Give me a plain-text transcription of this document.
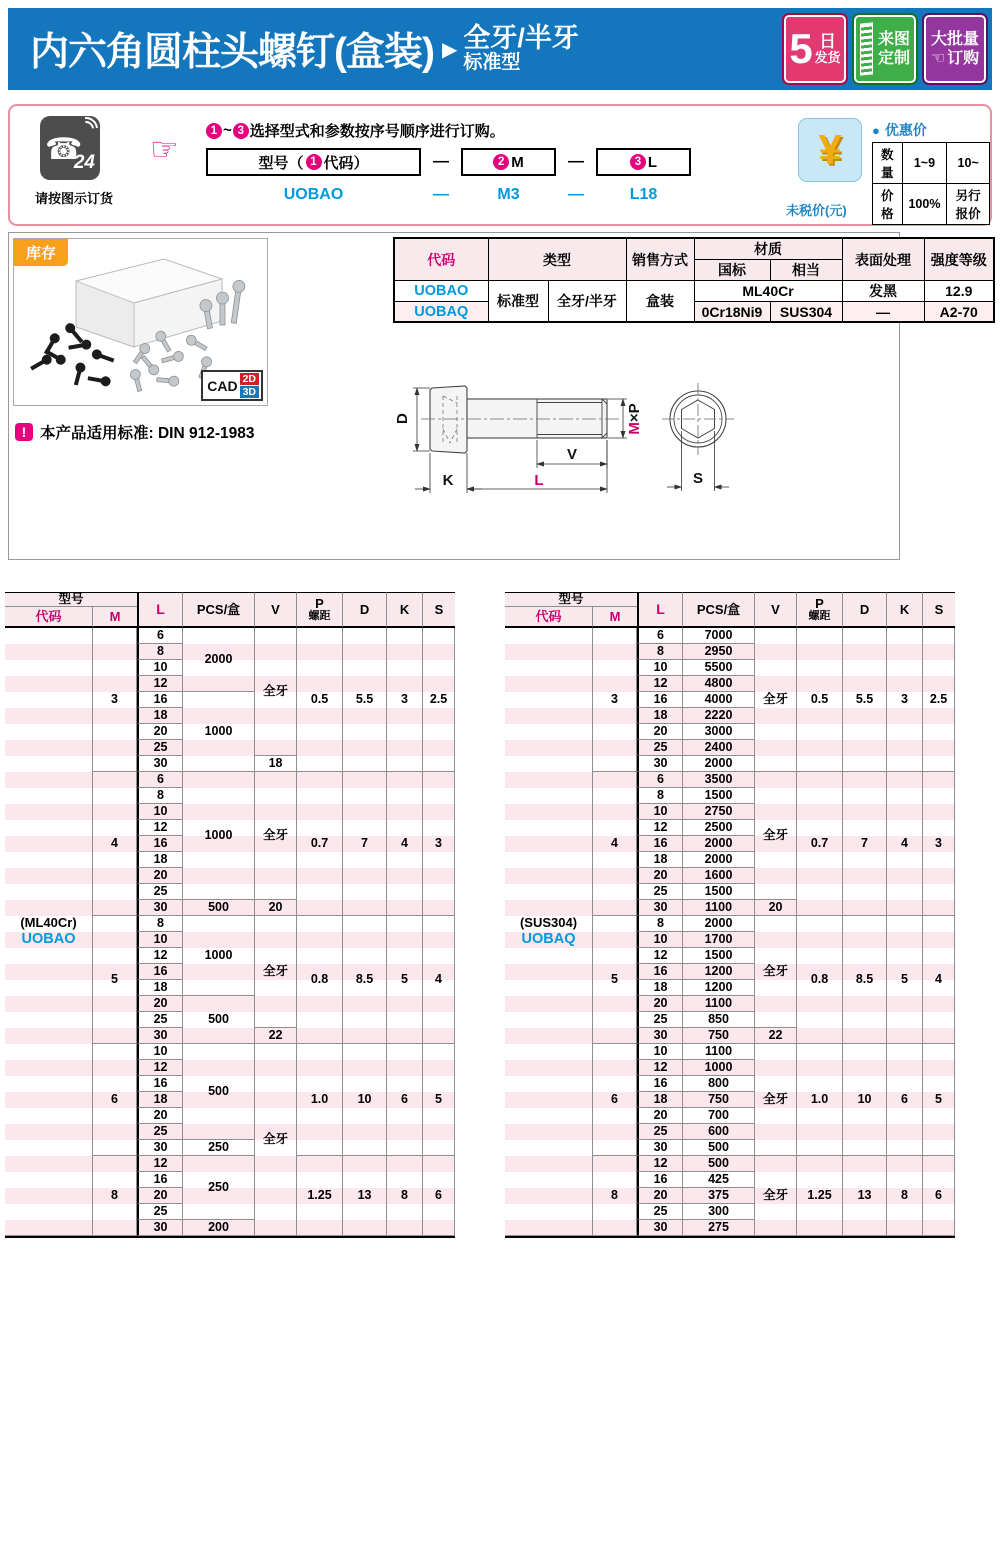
内六角圆柱头螺钉(盒装) ▶ 全牙/半牙
标准型	5 日
发货
来图
定制
大批量
☜
订购
24
请按图示订货
☞
1 ~ 3 选择型式和参数按序号顺序进行订购。
型号（ 1 代码）	—	2 M	—	3 L
UOBAO	—	M3	—	L18
¥
未税价(元)
● 优惠价
数量	1~9	10~
价格	100%	另行报价
库存
CAD 2D
3D
! 本产品适用标准: DIN 912-1983
D
M×P
V
K	L	S
代码	类型		销售方式	材质		表面处理	强度等级
				国标	相当		
UOBAO	标准型	全牙/半牙	盒装	ML40Cr		发黑	12.9
UOBAQ				0Cr18Ni9	SUS304	—	A2-70
型号		L	PCS/盒	V	P
螺距	D	K	S
代码	M							

(ML40Cr)
UOBAO	3	6	2000	全牙	0.5	5.5	3	2.5
		8						
		10						
		12						
		16	1000					
		18						
		20						
		25						
		30		18				
	4	6	1000	全牙	0.7	7	4	3
		8						
		10						
		12						
		16						
		18						
		20						
		25						
		30	500	20				
	5	8	1000	全牙	0.8	8.5	5	4
		10						
		12						
		16						
		18						
		20	500					
		25						
		30		22				
	6	10	500	全牙	1.0	10	6	5
		12						
		16						
		18						
		20						
		25						
		30	250					
	8	12	250		1.25	13	8	6
		16						
		20						
		25						
		30	200					
型号		L	PCS/盒	V	P
螺距	D	K	S
代码	M							

(SUS304)
UOBAQ	3	6	7000	全牙	0.5	5.5	3	2.5
		8	2950					
		10	5500					
		12	4800					
		16	4000					
		18	2220					
		20	3000					
		25	2400					
		30	2000					
	4	6	3500	全牙	0.7	7	4	3
		8	1500					
		10	2750					
		12	2500					
		16	2000					
		18	2000					
		20	1600					
		25	1500					
		30	1100	20				
	5	8	2000	全牙	0.8	8.5	5	4
		10	1700					
		12	1500					
		16	1200					
		18	1200					
		20	1100					
		25	850					
		30	750	22				
	6	10	1100	全牙	1.0	10	6	5
		12	1000					
		16	800					
		18	750					
		20	700					
		25	600					
		30	500					
	8	12	500	全牙	1.25	13	8	6
		16	425					
		20	375					
		25	300					
		30	275					
